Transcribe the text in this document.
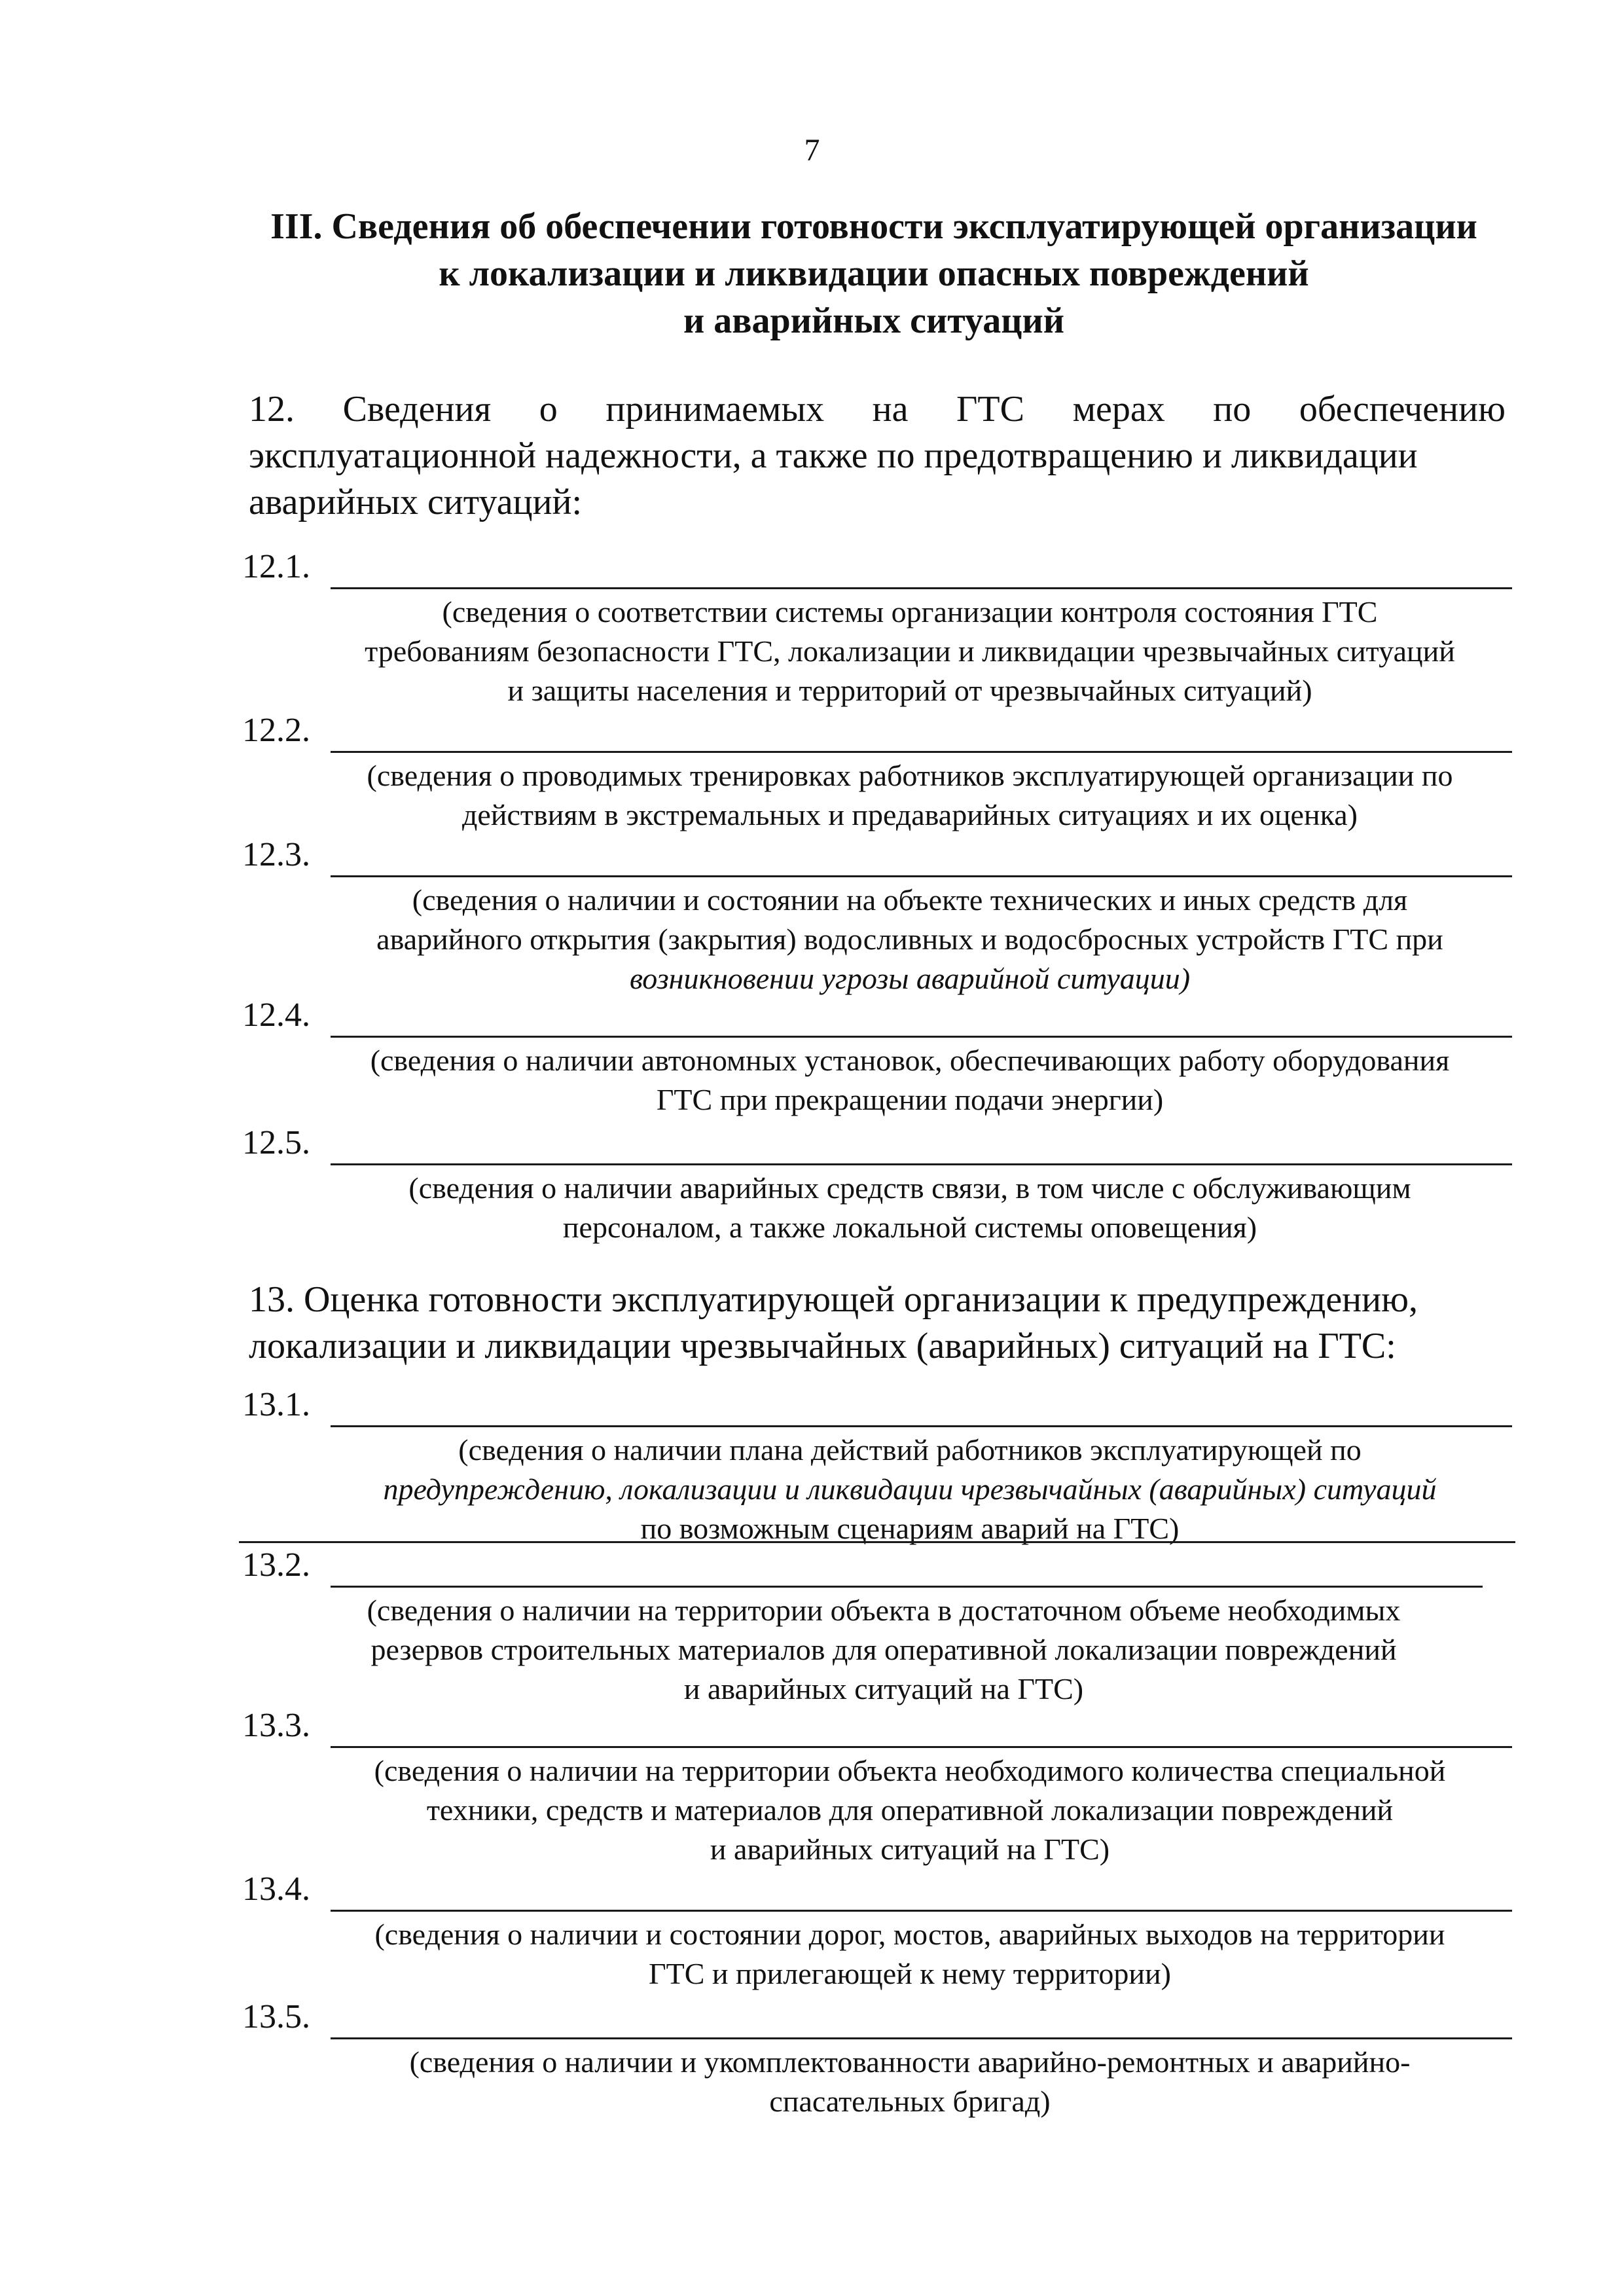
7
III. Сведения об обеспечении готовности эксплуатирующей организации
к локализации и ликвидации опасных повреждений
и аварийных ситуаций
12. Сведения о принимаемых на ГТС мерах по обеспечению
эксплуатационной надежности, а также по предотвращению и ликвидации
аварийных ситуаций:
12.1.
(сведения о соответствии системы организации контроля состояния ГТС
требованиям безопасности ГТС, локализации и ликвидации чрезвычайных ситуаций
и защиты населения и территорий от чрезвычайных ситуаций)
12.2.
(сведения о проводимых тренировках работников эксплуатирующей организации по
действиям в экстремальных и предаварийных ситуациях и их оценка)
12.3.
(сведения о наличии и состоянии на объекте технических и иных средств для
аварийного открытия (закрытия) водосливных и водосбросных устройств ГТС при
возникновении угрозы аварийной ситуации)
12.4.
(сведения о наличии автономных установок, обеспечивающих работу оборудования
ГТС при прекращении подачи энергии)
12.5.
(сведения о наличии аварийных средств связи, в том числе с обслуживающим
персоналом, а также локальной системы оповещения)
13. Оценка готовности эксплуатирующей организации к предупреждению,
локализации и ликвидации чрезвычайных (аварийных) ситуаций на ГТС:
13.1.
(сведения о наличии плана действий работников эксплуатирующей по
предупреждению, локализации и ликвидации чрезвычайных (аварийных) ситуаций
по возможным сценариям аварий на ГТС)
13.2.
(сведения о наличии на территории объекта в достаточном объеме необходимых
резервов строительных материалов для оперативной локализации повреждений
и аварийных ситуаций на ГТС)
13.3.
(сведения о наличии на территории объекта необходимого количества специальной
техники, средств и материалов для оперативной локализации повреждений
и аварийных ситуаций на ГТС)
13.4.
(сведения о наличии и состоянии дорог, мостов, аварийных выходов на территории
ГТС и прилегающей к нему территории)
13.5.
(сведения о наличии и укомплектованности аварийно-ремонтных и аварийно-
спасательных бригад)
